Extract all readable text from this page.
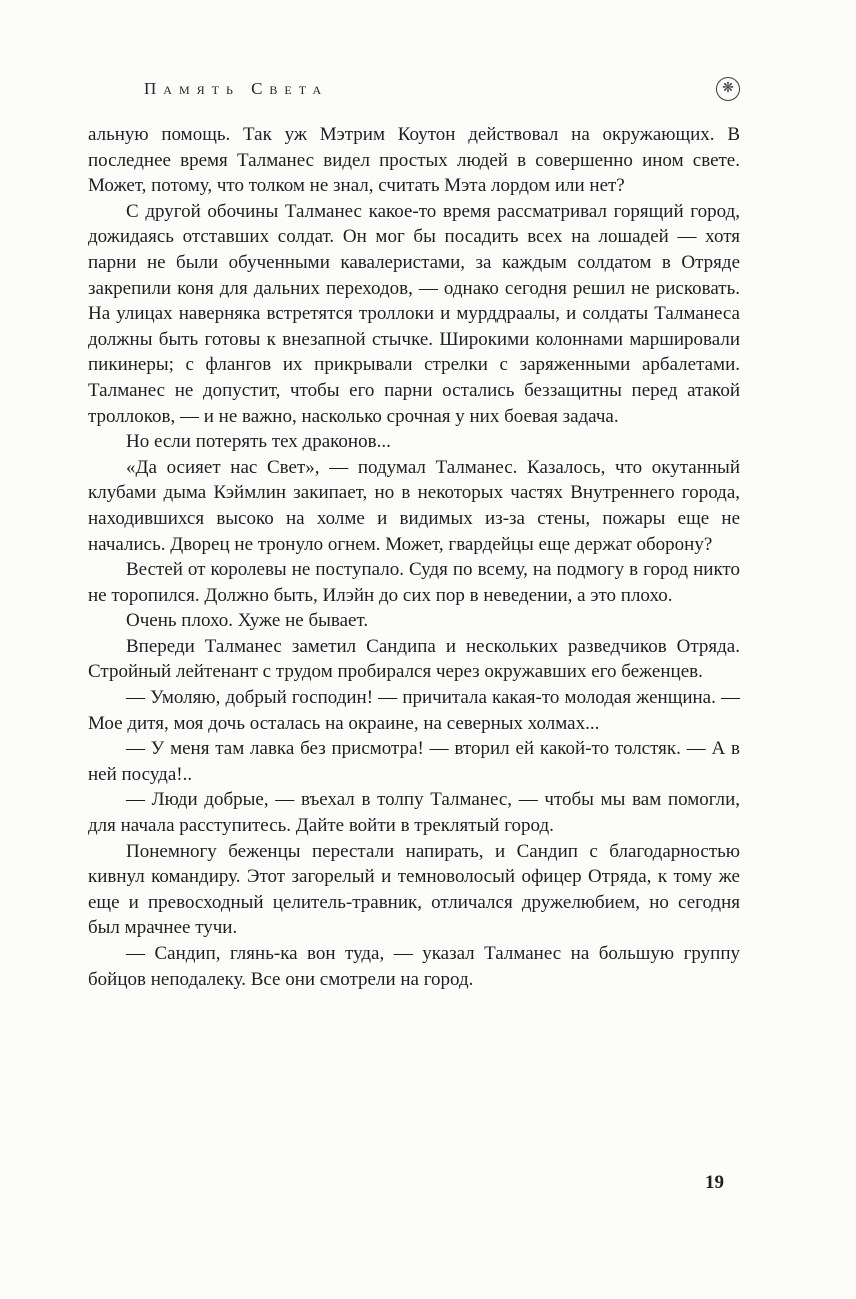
Память Света	❋

альную помощь. Так уж Мэтрим Коутон действовал на окружающих. В последнее время Талманес видел простых людей в совершенно ином свете. Может, потому, что толком не знал, считать Мэта лордом или нет?

С другой обочины Талманес какое-то время рассматривал горящий город, дожидаясь отставших солдат. Он мог бы посадить всех на лошадей — хотя парни не были обученными кавалеристами, за каждым солдатом в Отряде закрепили коня для дальних переходов, — однако сегодня решил не рисковать. На улицах наверняка встретятся троллоки и мурддраалы, и солдаты Талманеса должны быть готовы к внезапной стычке. Широкими колоннами маршировали пикинеры; с флангов их прикрывали стрелки с заряженными арбалетами. Талманес не допустит, чтобы его парни остались беззащитны перед атакой троллоков, — и не важно, насколько срочная у них боевая задача.

Но если потерять тех драконов...

«Да осияет нас Свет», — подумал Талманес. Казалось, что окутанный клубами дыма Кэймлин закипает, но в некоторых частях Внутреннего города, находившихся высоко на холме и видимых из-за стены, пожары еще не начались. Дворец не тронуло огнем. Может, гвардейцы еще держат оборону?

Вестей от королевы не поступало. Судя по всему, на подмогу в город никто не торопился. Должно быть, Илэйн до сих пор в неведении, а это плохо.

Очень плохо. Хуже не бывает.

Впереди Талманес заметил Сандипа и нескольких разведчиков Отряда. Стройный лейтенант с трудом пробирался через окружавших его беженцев.

— Умоляю, добрый господин! — причитала какая-то молодая женщина. — Мое дитя, моя дочь осталась на окраине, на северных холмах...

— У меня там лавка без присмотра! — вторил ей какой-то толстяк. — А в ней посуда!..

— Люди добрые, — въехал в толпу Талманес, — чтобы мы вам помогли, для начала расступитесь. Дайте войти в треклятый город.

Понемногу беженцы перестали напирать, и Сандип с благодарностью кивнул командиру. Этот загорелый и темноволосый офицер Отряда, к тому же еще и превосходный целитель-травник, отличался дружелюбием, но сегодня был мрачнее тучи.

— Сандип, глянь-ка вон туда, — указал Талманес на большую группу бойцов неподалеку. Все они смотрели на город.

19
